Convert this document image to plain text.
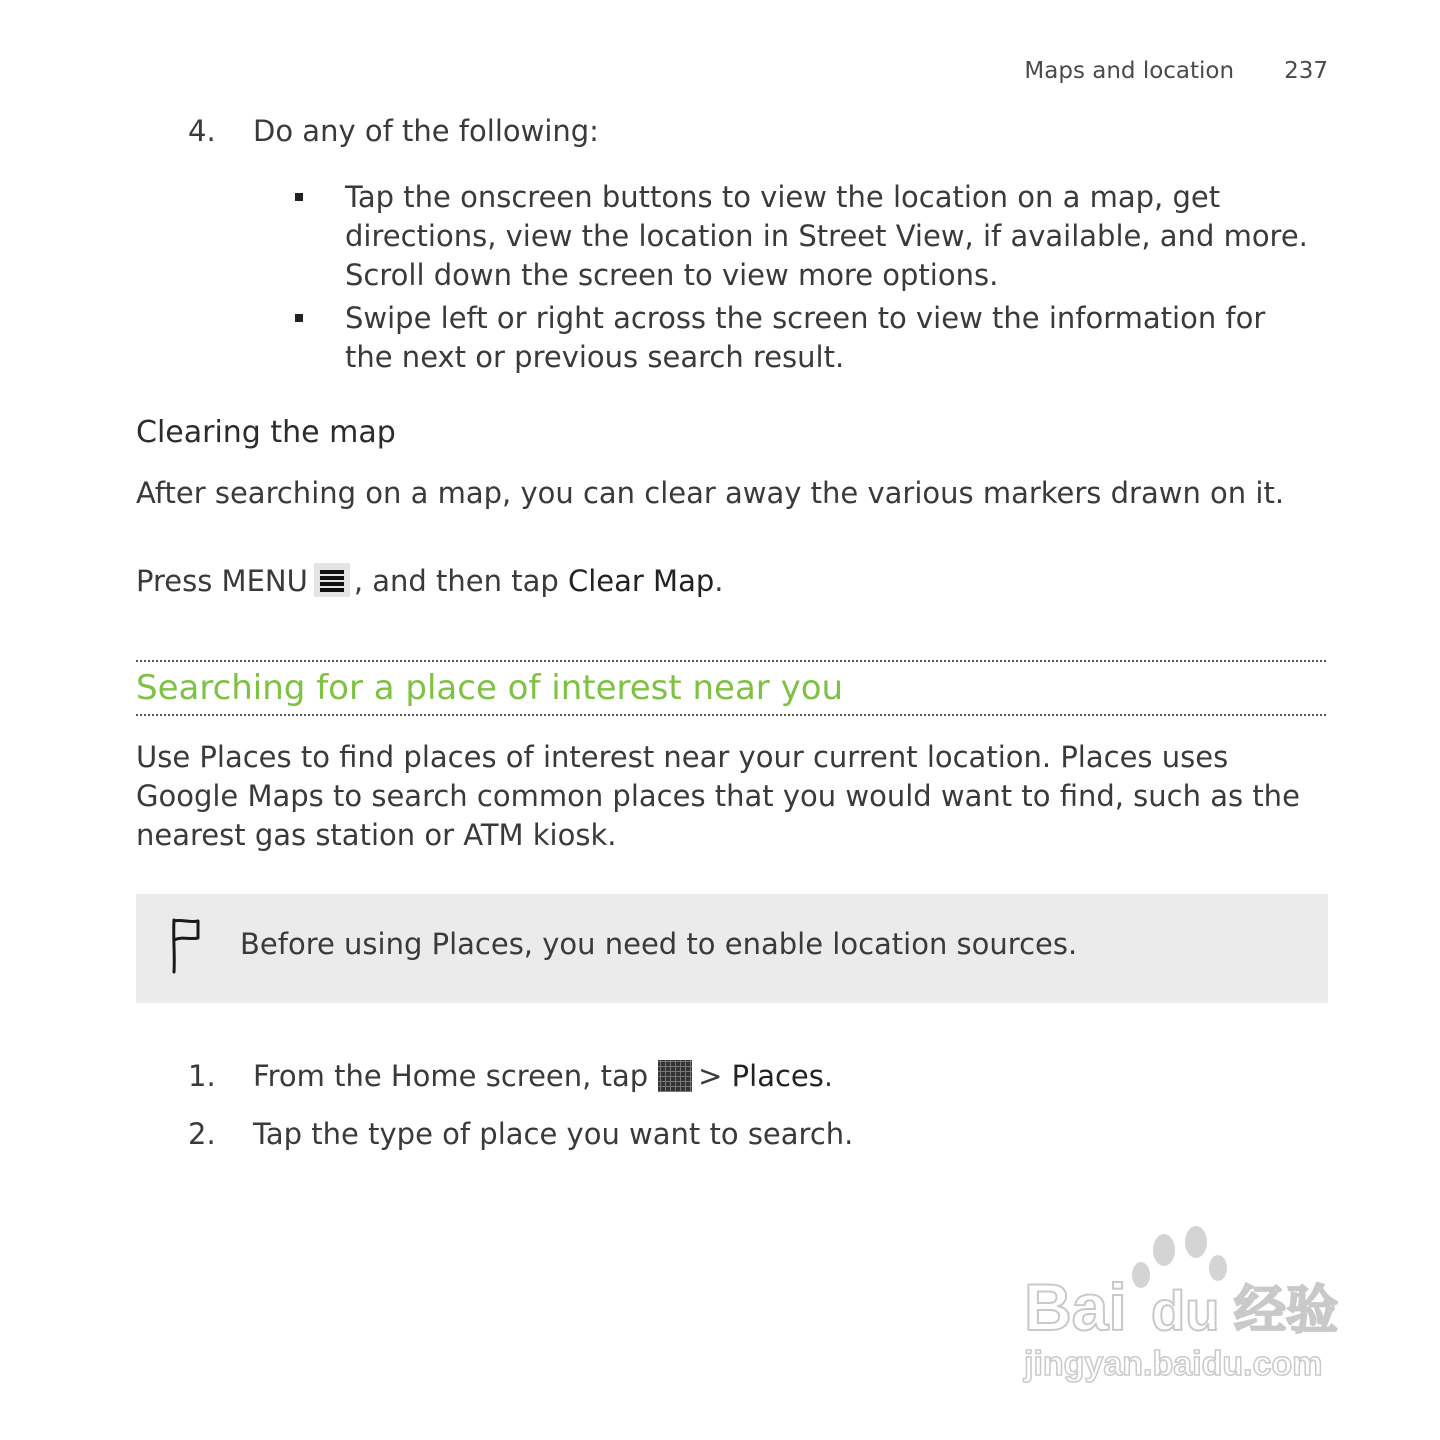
Maps and location 237
4. Do any of the following:
Tap the onscreen buttons to view the location on a map, get directions, view the location in Street View, if available, and more. Scroll down the screen to view more options.
Swipe left or right across the screen to view the information for the next or previous search result.
Clearing the map
After searching on a map, you can clear away the various markers drawn on it.
Press MENU , and then tap Clear Map.
Searching for a place of interest near you
Use Places to find places of interest near your current location. Places uses Google Maps to search common places that you would want to find, such as the nearest gas station or ATM kiosk.
Before using Places, you need to enable location sources.
1. From the Home screen, tap > Places.
2. Tap the type of place you want to search.
Bai du 经验
jingyan.baidu.com
